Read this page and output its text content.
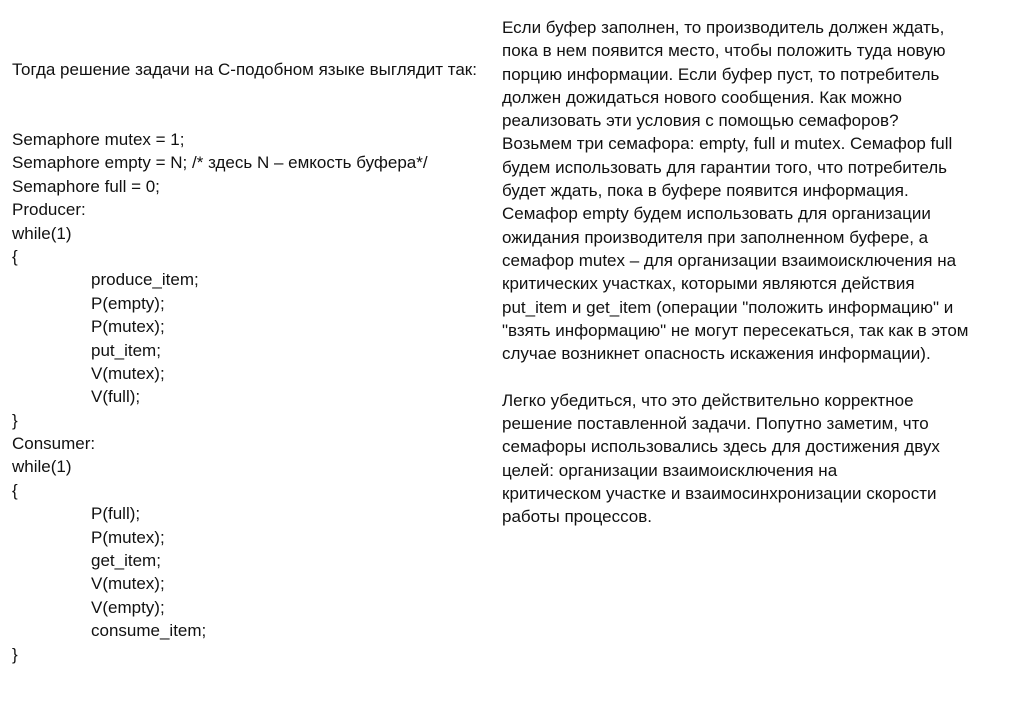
Тогда решение задачи на С-подобном языке выглядит так:

Semaphore mutex = 1;
Semaphore empty = N; /* здесь N – емкость буфера*/
Semaphore full = 0;
Producer:
while(1)
{
produce_item;
P(empty);
P(mutex);
put_item;
V(mutex);
V(full);
}
Consumer:
while(1)
{
P(full);
P(mutex);
get_item;
V(mutex);
V(empty);
consume_item;
}

Если буфер заполнен, то производитель должен ждать,
пока в нем появится место, чтобы положить туда новую
порцию информации. Если буфер пуст, то потребитель
должен дожидаться нового сообщения. Как можно
реализовать эти условия с помощью семафоров?
Возьмем три семафора: empty, full и mutex. Семафор full
будем использовать для гарантии того, что потребитель
будет ждать, пока в буфере появится информация.
Семафор empty будем использовать для организации
ожидания производителя при заполненном буфере, а
семафор mutex – для организации взаимоисключения на
критических участках, которыми являются действия
put_item и get_item (операции "положить информацию" и
"взять информацию" не могут пересекаться, так как в этом
случае возникнет опасность искажения информации).
Легко убедиться, что это действительно корректное
решение поставленной задачи. Попутно заметим, что
семафоры использовались здесь для достижения двух
целей: организации взаимоисключения на
критическом участке и взаимосинхронизации скорости
работы процессов.
